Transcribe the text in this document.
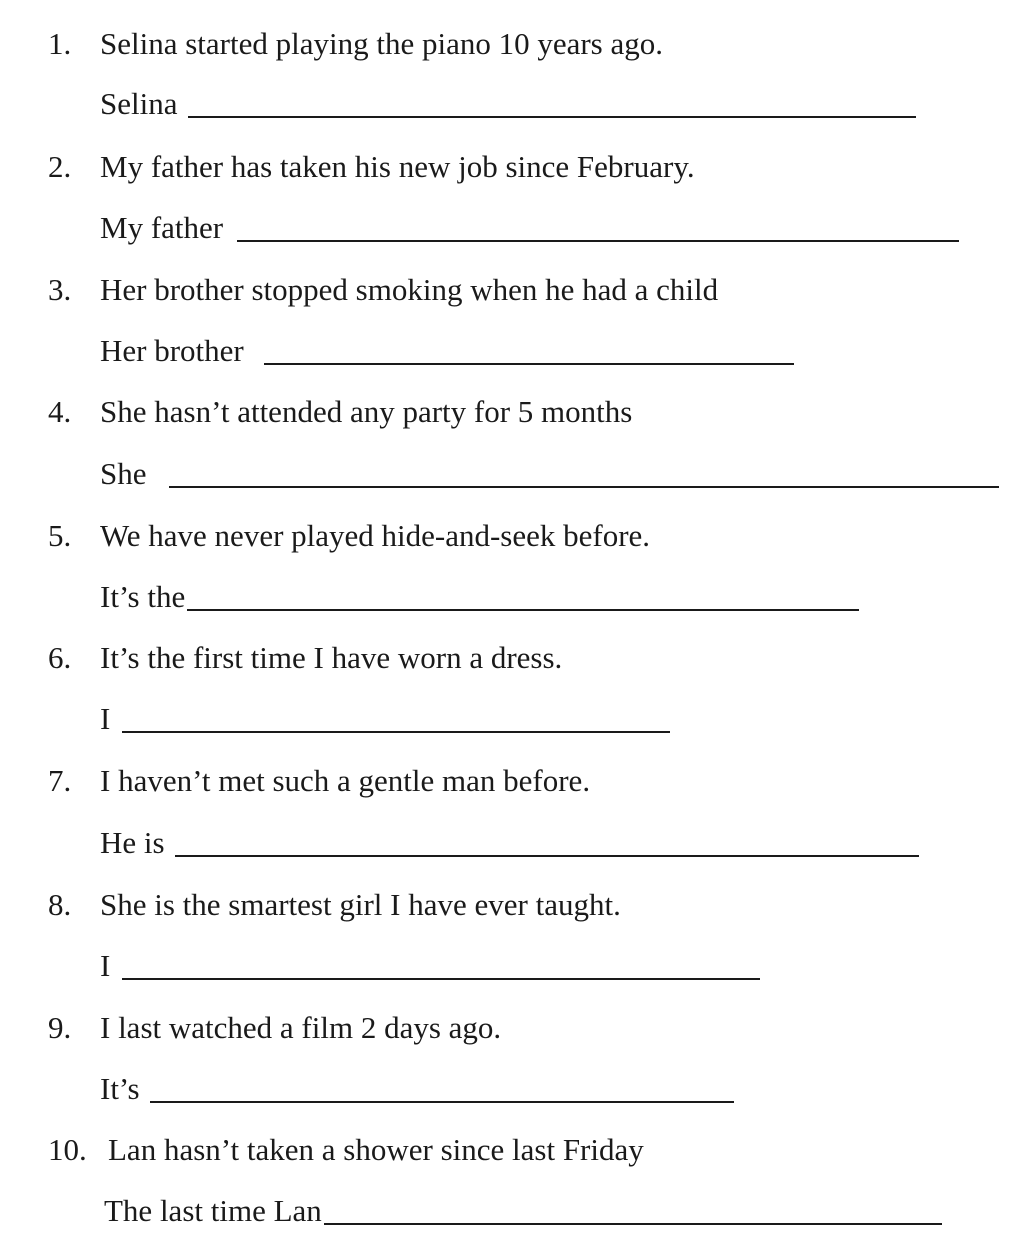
1. Selina started playing the piano 10 years ago.
Selina
2. My father has taken his new job since February.
My father
3. Her brother stopped smoking when he had a child
Her brother
4. She hasn’t attended any party for 5 months
She
5. We have never played hide-and-seek before.
It’s the
6. It’s the first time I have worn a dress.
I
7. I haven’t met such a gentle man before.
He is
8. She is the smartest girl I have ever taught.
I
9. I last watched a film 2 days ago.
It’s
10. Lan hasn’t taken a shower since last Friday
The last time Lan
